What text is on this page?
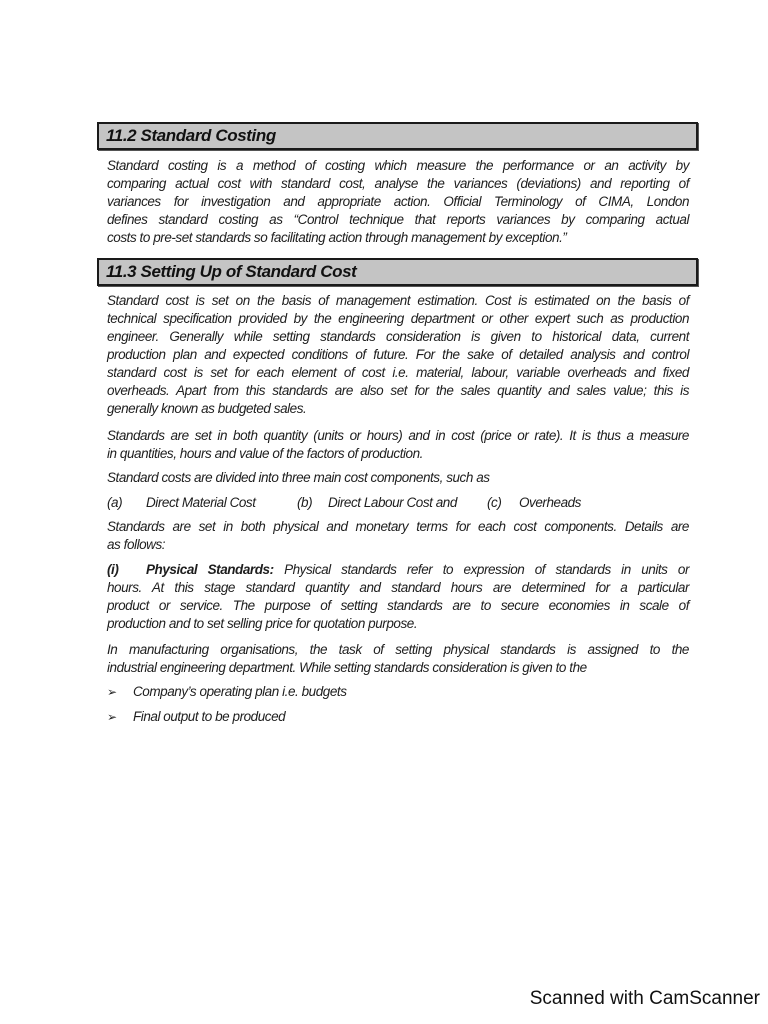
11.2 Standard Costing
Standard costing is a method of costing which measure the performance or an activity by
comparing actual cost with standard cost, analyse the variances (deviations) and reporting of
variances for investigation and appropriate action. Official Terminology of CIMA, London
defines standard costing as “Control technique that reports variances by comparing actual
costs to pre-set standards so facilitating action through management by exception.”
11.3 Setting Up of Standard Cost
Standard cost is set on the basis of management estimation. Cost is estimated on the basis of
technical specification provided by the engineering department or other expert such as production
engineer. Generally while setting standards consideration is given to historical data, current
production plan and expected conditions of future. For the sake of detailed analysis and control
standard cost is set for each element of cost i.e. material, labour, variable overheads and fixed
overheads. Apart from this standards are also set for the sales quantity and sales value; this is
generally known as budgeted sales.
Standards are set in both quantity (units or hours) and in cost (price or rate). It is thus a measure
in quantities, hours and value of the factors of production.
Standard costs are divided into three main cost components, such as
(a) Direct Material Cost	(b) Direct Labour Cost and (c) Overheads
Standards are set in both physical and monetary terms for each cost components. Details are
as follows:
(i) Physical Standards: Physical standards refer to expression of standards in units or
hours. At this stage standard quantity and standard hours are determined for a particular
product or service. The purpose of setting standards are to secure economies in scale of
production and to set selling price for quotation purpose.
In manufacturing organisations, the task of setting physical standards is assigned to the
industrial engineering department. While setting standards consideration is given to the
➢ Company’s operating plan i.e. budgets
➢ Final output to be produced
Scanned with CamScanner
